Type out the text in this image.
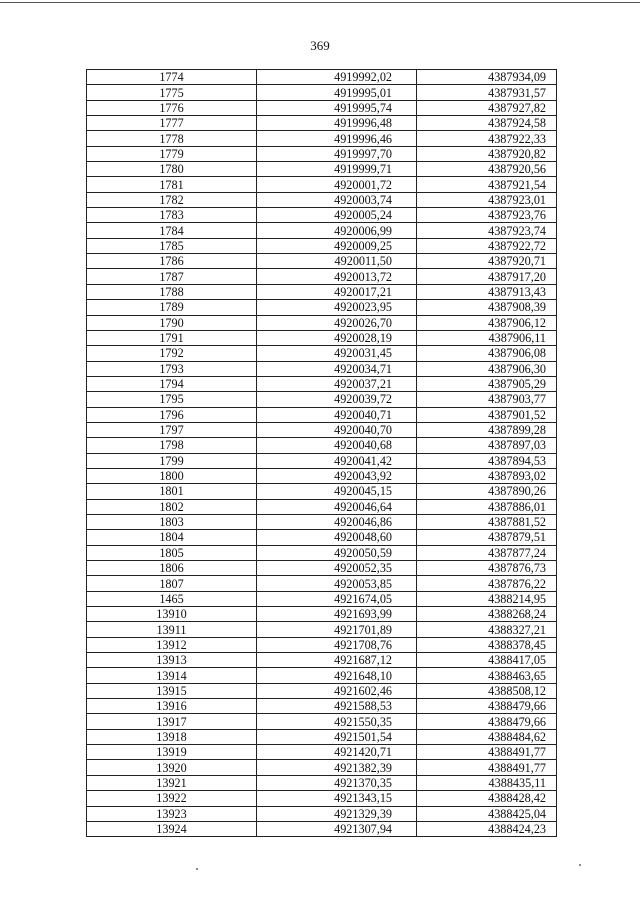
369
1774	4919992,02	4387934,09
1775	4919995,01	4387931,57
1776	4919995,74	4387927,82
1777	4919996,48	4387924,58
1778	4919996,46	4387922,33
1779	4919997,70	4387920,82
1780	4919999,71	4387920,56
1781	4920001,72	4387921,54
1782	4920003,74	4387923,01
1783	4920005,24	4387923,76
1784	4920006,99	4387923,74
1785	4920009,25	4387922,72
1786	4920011,50	4387920,71
1787	4920013,72	4387917,20
1788	4920017,21	4387913,43
1789	4920023,95	4387908,39
1790	4920026,70	4387906,12
1791	4920028,19	4387906,11
1792	4920031,45	4387906,08
1793	4920034,71	4387906,30
1794	4920037,21	4387905,29
1795	4920039,72	4387903,77
1796	4920040,71	4387901,52
1797	4920040,70	4387899,28
1798	4920040,68	4387897,03
1799	4920041,42	4387894,53
1800	4920043,92	4387893,02
1801	4920045,15	4387890,26
1802	4920046,64	4387886,01
1803	4920046,86	4387881,52
1804	4920048,60	4387879,51
1805	4920050,59	4387877,24
1806	4920052,35	4387876,73
1807	4920053,85	4387876,22
1465	4921674,05	4388214,95
13910	4921693,99	4388268,24
13911	4921701,89	4388327,21
13912	4921708,76	4388378,45
13913	4921687,12	4388417,05
13914	4921648,10	4388463,65
13915	4921602,46	4388508,12
13916	4921588,53	4388479,66
13917	4921550,35	4388479,66
13918	4921501,54	4388484,62
13919	4921420,71	4388491,77
13920	4921382,39	4388491,77
13921	4921370,35	4388435,11
13922	4921343,15	4388428,42
13923	4921329,39	4388425,04
13924	4921307,94	4388424,23
